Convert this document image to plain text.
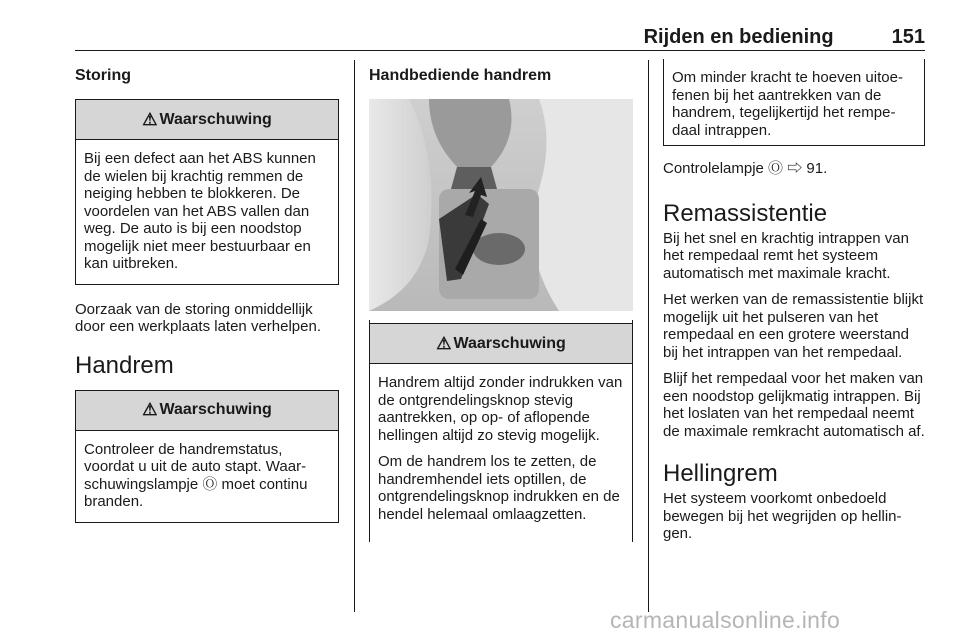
Rijden en bediening	151
Storing
⚠ Waarschuwing

Bij een defect aan het ABS kunnen de wielen bij krachtig remmen de neiging hebben te blokkeren. De voordelen van het ABS vallen dan weg. De auto is bij een noodstop mogelijk niet meer bestuurbaar en kan uitbreken.

Oorzaak van de storing onmiddellijk door een werkplaats laten verhelpen.

Handrem
⚠ Waarschuwing

Controleer de handremstatus, voordat u uit de auto stapt. Waarschuwingslampje Ⓞ moet continu branden.

Handbediende handrem
⚠ Waarschuwing

Handrem altijd zonder indrukken van de ontgrendelingsknop stevig aantrekken, op op- of aflopende hellingen altijd zo stevig mogelijk.

Om de handrem los te zetten, de handremhendel iets optillen, de ontgrendelingsknop indrukken en de hendel helemaal omlaagzetten.

Om minder kracht te hoeven uitoefenen bij het aantrekken van de handrem, tegelijkertijd het rempedaal intrappen.

Controlelampje Ⓞ ⇨ 91.

Remassistentie

Bij het snel en krachtig intrappen van het rempedaal remt het systeem automatisch met maximale kracht.

Het werken van de remassistentie blijkt mogelijk uit het pulseren van het rempedaal en een grotere weerstand bij het intrappen van het rempedaal.

Blijf het rempedaal voor het maken van een noodstop gelijkmatig intrappen. Bij het loslaten van het rempedaal neemt de maximale remkracht automatisch af.

Hellingrem

Het systeem voorkomt onbedoeld bewegen bij het wegrijden op hellingen.

carmanualsonline.info
